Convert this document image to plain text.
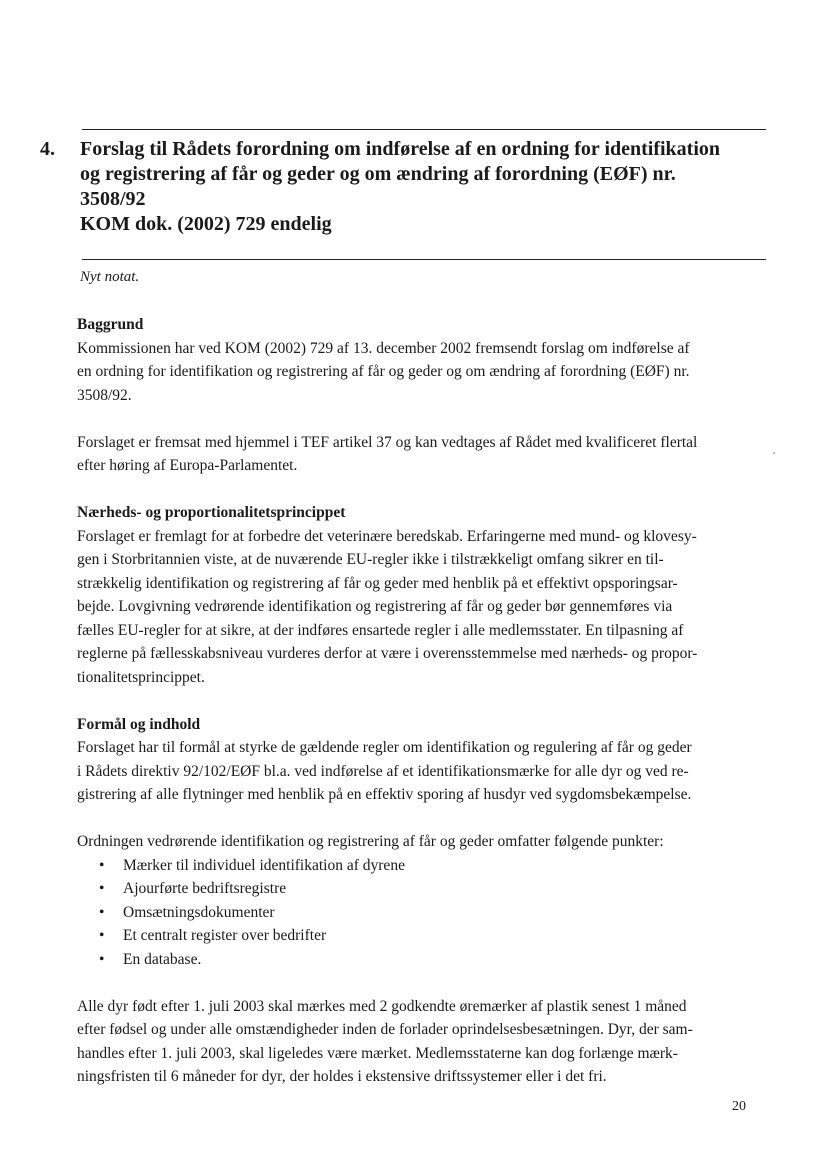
4. Forslag til Rådets forordning om indførelse af en ordning for identifikation
og registrering af får og geder og om ændring af forordning (EØF) nr.
3508/92
KOM dok. (2002) 729 endelig
Nyt notat.

Baggrund
Kommissionen har ved KOM (2002) 729 af 13. december 2002 fremsendt forslag om indførelse af
en ordning for identifikation og registrering af får og geder og om ændring af forordning (EØF) nr.
3508/92.

Forslaget er fremsat med hjemmel i TEF artikel 37 og kan vedtages af Rådet med kvalificeret flertal
efter høring af Europa-Parlamentet.

Nærheds- og proportionalitetsprincippet
Forslaget er fremlagt for at forbedre det veterinære beredskab. Erfaringerne med mund- og klovesy-
gen i Storbritannien viste, at de nuværende EU-regler ikke i tilstrækkeligt omfang sikrer en til-
strækkelig identifikation og registrering af får og geder med henblik på et effektivt opsporingsar-
bejde. Lovgivning vedrørende identifikation og registrering af får og geder bør gennemføres via
fælles EU-regler for at sikre, at der indføres ensartede regler i alle medlemsstater. En tilpasning af
reglerne på fællesskabsniveau vurderes derfor at være i overensstemmelse med nærheds- og propor-
tionalitetsprincippet.

Formål og indhold
Forslaget har til formål at styrke de gældende regler om identifikation og regulering af får og geder
i Rådets direktiv 92/102/EØF bl.a. ved indførelse af et identifikationsmærke for alle dyr og ved re-
gistrering af alle flytninger med henblik på en effektiv sporing af husdyr ved sygdomsbekæmpelse.

Ordningen vedrørende identifikation og registrering af får og geder omfatter følgende punkter:
• Mærker til individuel identifikation af dyrene
• Ajourførte bedriftsregistre
• Omsætningsdokumenter
• Et centralt register over bedrifter
• En database.

Alle dyr født efter 1. juli 2003 skal mærkes med 2 godkendte øremærker af plastik senest 1 måned
efter fødsel og under alle omstændigheder inden de forlader oprindelsesbesætningen. Dyr, der sam-
handles efter 1. juli 2003, skal ligeledes være mærket. Medlemsstaterne kan dog forlænge mærk-
ningsfristen til 6 måneder for dyr, der holdes i ekstensive driftssystemer eller i det fri.

20
